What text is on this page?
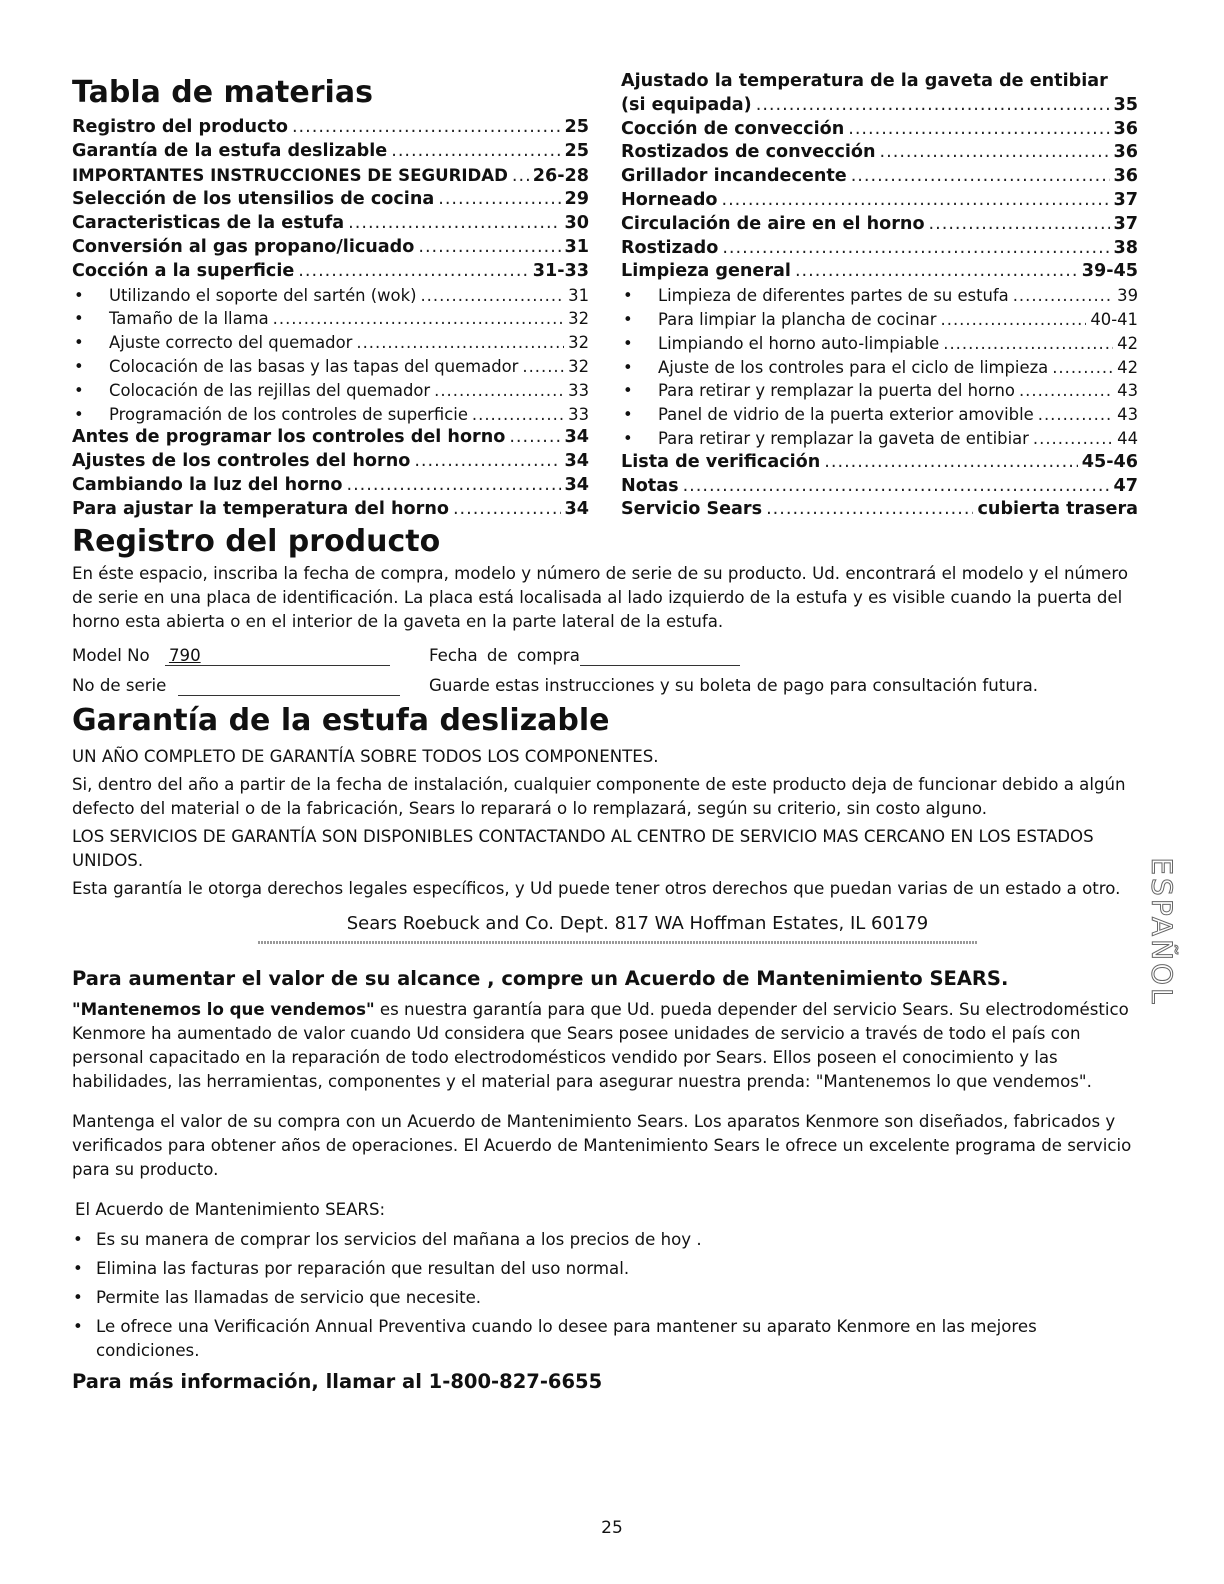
Tabla de materias
Registro del producto .....	25
Garantía de la estufa deslizable .....	25
IMPORTANTES INSTRUCCIONES DE SEGURIDAD ..... 26-28
Selección de los utensilios de cocina .....	29
Caracteristicas de la estufa .....	30
Conversión al gas propano/licuado .....	31
Cocción a la superficie .....	31-33
•	Utilizando el soporte del sartén (wok) .....	31
•	Tamaño de la llama .....	32
•	Ajuste correcto del quemador .....	32
•	Colocación de las basas y las tapas del quemador .....	32
•	Colocación de las rejillas del quemador .....	33
•	Programación de los controles de superficie .....	33
Antes de programar los controles del horno .....	34
Ajustes de los controles del horno .....	34
Cambiando la luz del horno .....	34
Para ajustar la temperatura del horno .....	34
Ajustado la temperatura de la gaveta de entibiar
(si equipada) .....	35
Cocción de convección .....	36
Rostizados de convección .....	36
Grillador incandecente .....	36
Horneado .....	37
Circulación de aire en el horno .....	37
Rostizado .....	38
Limpieza general .....	39-45
•	Limpieza de diferentes partes de su estufa .....	39
•	Para limpiar la plancha de cocinar .....	40-41
•	Limpiando el horno auto-limpiable .....	42
•	Ajuste de los controles para el ciclo de limpieza .....	42
•	Para retirar y remplazar la puerta del horno .....	43
•	Panel de vidrio de la puerta exterior amovible .....	43
•	Para retirar y remplazar la gaveta de entibiar .....	44
Lista de verificación .....	45-46
Notas .....	47
Servicio Sears .....	cubierta trasera
Registro del producto

En éste espacio, inscriba la fecha de compra, modelo y número de serie de su producto. Ud. encontrará el modelo y el número de serie en una placa de identificación. La placa está localisada al lado izquierdo de la estufa y es visible cuando la puerta del horno esta abierta o en el interior de la gaveta en la parte lateral de la estufa.

Model No 790
No de serie
Fecha de compra
Guarde estas instrucciones y su boleta de pago para consultación futura.
Garantía de la estufa deslizable

UN AÑO COMPLETO DE GARANTÍA SOBRE TODOS LOS COMPONENTES.

Si, dentro del año a partir de la fecha de instalación, cualquier componente de este producto deja de funcionar debido a algún defecto del material o de la fabricación, Sears lo reparará o lo remplazará, según su criterio, sin costo alguno.

LOS SERVICIOS DE GARANTÍA SON DISPONIBLES CONTACTANDO AL CENTRO DE SERVICIO MAS CERCANO EN LOS ESTADOS UNIDOS.

Esta garantía le otorga derechos legales específicos, y Ud puede tener otros derechos que puedan varias de un estado a otro.

Sears Roebuck and Co. Dept. 817 WA Hoffman Estates, IL 60179
Para aumentar el valor de su alcance , compre un Acuerdo de Mantenimiento SEARS.

"Mantenemos lo que vendemos" es nuestra garantía para que Ud. pueda depender del servicio Sears. Su electrodoméstico Kenmore ha aumentado de valor cuando Ud considera que Sears posee unidades de servicio a través de todo el país con personal capacitado en la reparación de todo electrodomésticos vendido por Sears. Ellos poseen el conocimiento y las habilidades, las herramientas, componentes y el material para asegurar nuestra prenda: "Mantenemos lo que vendemos".

Mantenga el valor de su compra con un Acuerdo de Mantenimiento Sears. Los aparatos Kenmore son diseñados, fabricados y verificados para obtener años de operaciones. El Acuerdo de Mantenimiento Sears le ofrece un excelente programa de servicio para su producto.

El Acuerdo de Mantenimiento SEARS:

• Es su manera de comprar los servicios del mañana a los precios de hoy .
• Elimina las facturas por reparación que resultan del uso normal.
• Permite las llamadas de servicio que necesite.
• Le ofrece una Verificación Annual Preventiva cuando lo desee para mantener su aparato Kenmore en las mejores condiciones.
Para más información, llamar al 1-800-827-6655
ESPAÑOL
25
